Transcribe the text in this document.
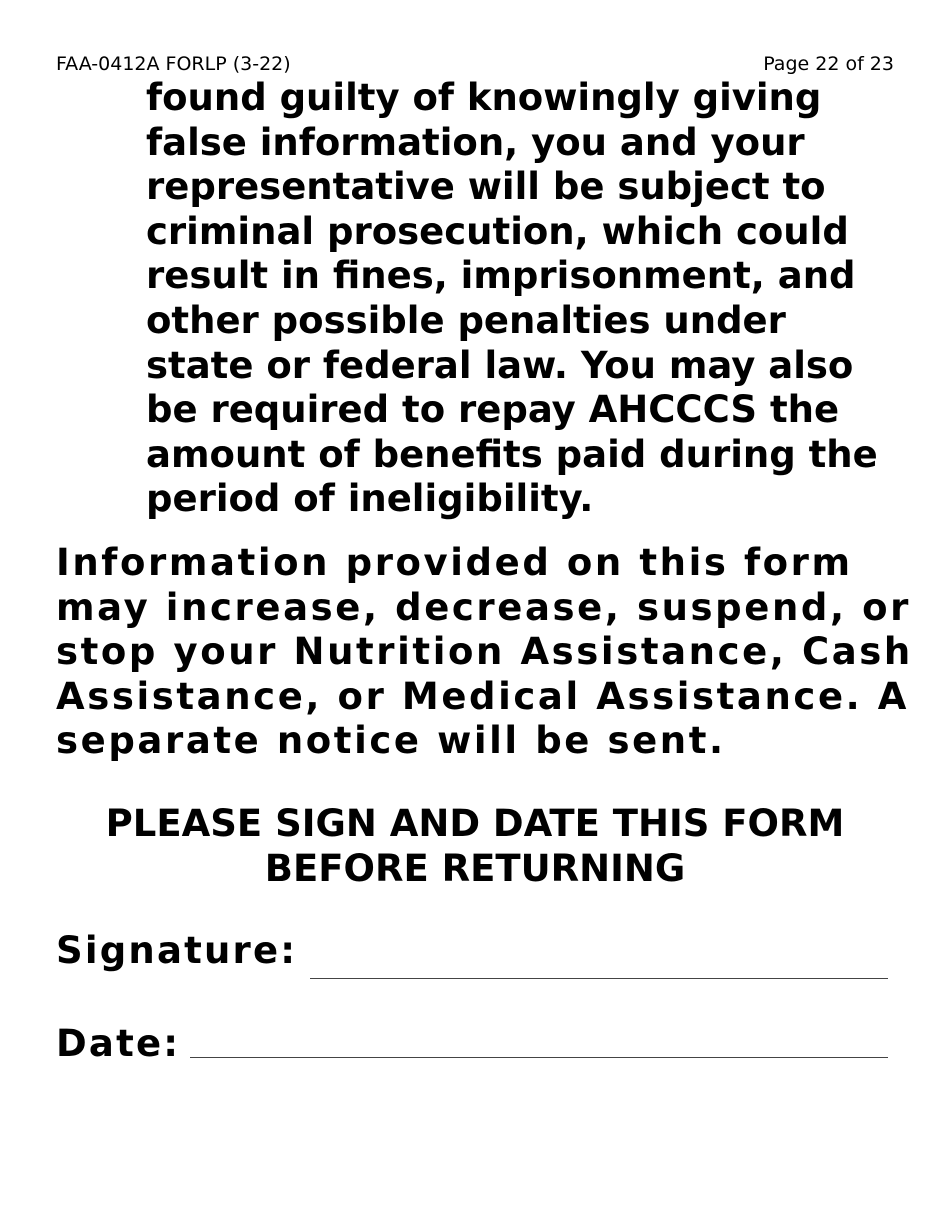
FAA-0412A FORLP (3-22)	Page 22 of 23

found guilty of knowingly giving false information, you and your representative will be subject to criminal prosecution, which could result in fines, imprisonment, and other possible penalties under state or federal law. You may also be required to repay AHCCCS the amount of benefits paid during the period of ineligibility.

Information provided on this form may increase, decrease, suspend, or stop your Nutrition Assistance, Cash Assistance, or Medical Assistance. A separate notice will be sent.

PLEASE SIGN AND DATE THIS FORM
BEFORE RETURNING
Signature:
Date:
